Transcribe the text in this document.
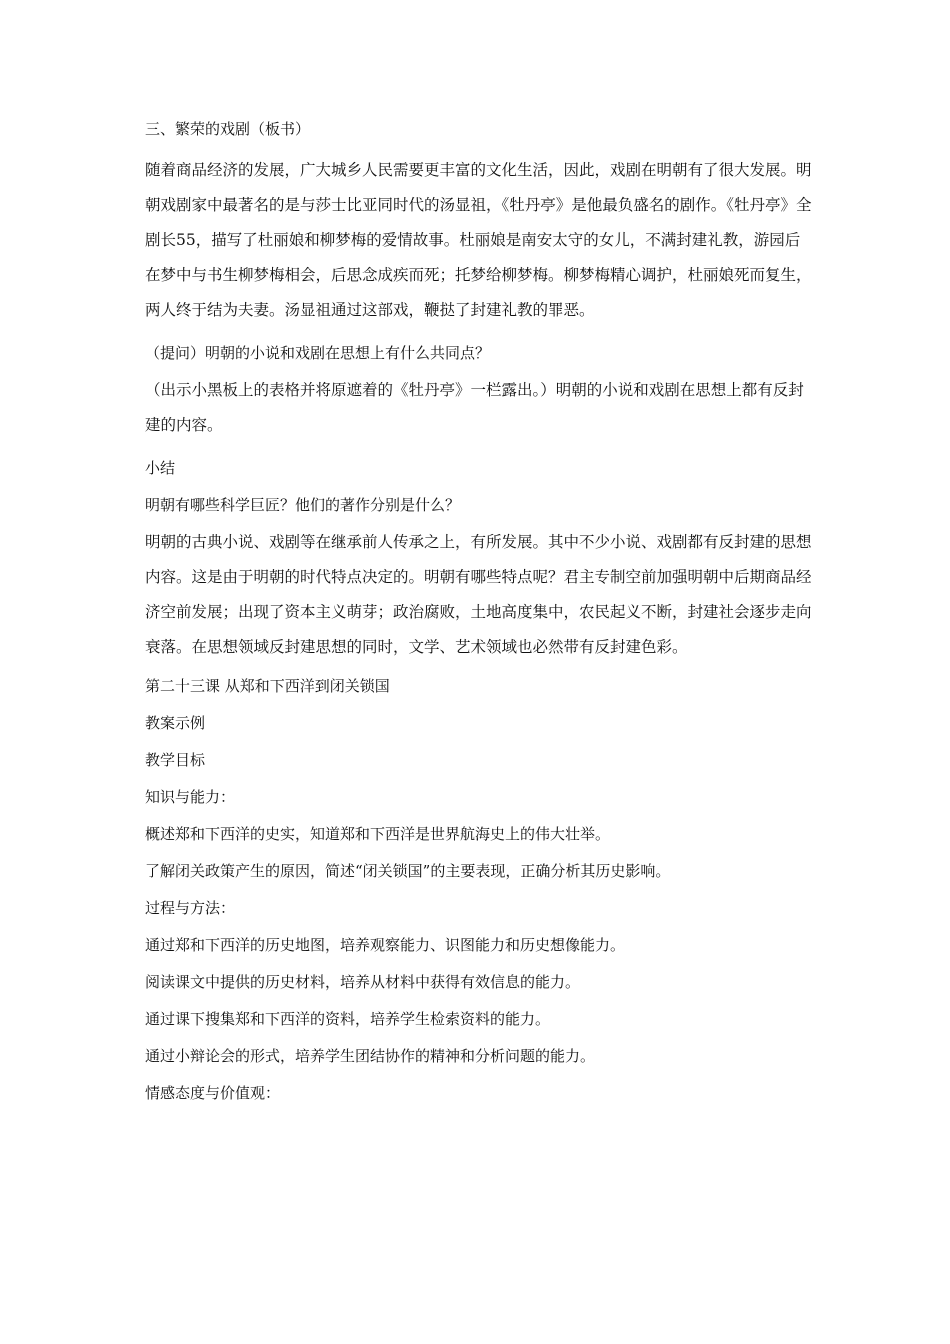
三、繁荣的戏剧（板书）

随着商品经济的发展，广大城乡人民需要更丰富的文化生活，因此，戏剧在明朝有了很大发展。明朝戏剧家中最著名的是与莎士比亚同时代的汤显祖，《牡丹亭》是他最负盛名的剧作。《牡丹亭》全剧长55，描写了杜丽娘和柳梦梅的爱情故事。杜丽娘是南安太守的女儿，不满封建礼教，游园后在梦中与书生柳梦梅相会，后思念成疾而死；托梦给柳梦梅。柳梦梅精心调护，杜丽娘死而复生，两人终于结为夫妻。汤显祖通过这部戏，鞭挞了封建礼教的罪恶。

（提问）明朝的小说和戏剧在思想上有什么共同点？

（出示小黑板上的表格并将原遮着的《牡丹亭》一栏露出。）明朝的小说和戏剧在思想上都有反封建的内容。

小结

明朝有哪些科学巨匠？他们的著作分别是什么？

明朝的古典小说、戏剧等在继承前人传承之上，有所发展。其中不少小说、戏剧都有反封建的思想内容。这是由于明朝的时代特点决定的。明朝有哪些特点呢？君主专制空前加强明朝中后期商品经济空前发展；出现了资本主义萌芽；政治腐败，土地高度集中，农民起义不断，封建社会逐步走向衰落。在思想领域反封建思想的同时，文学、艺术领域也必然带有反封建色彩。

第二十三课 从郑和下西洋到闭关锁国

教案示例

教学目标

知识与能力：

概述郑和下西洋的史实，知道郑和下西洋是世界航海史上的伟大壮举。

了解闭关政策产生的原因，简述“闭关锁国”的主要表现，正确分析其历史影响。

过程与方法：

通过郑和下西洋的历史地图，培养观察能力、识图能力和历史想像能力。

阅读课文中提供的历史材料，培养从材料中获得有效信息的能力。

通过课下搜集郑和下西洋的资料，培养学生检索资料的能力。

通过小辩论会的形式，培养学生团结协作的精神和分析问题的能力。

情感态度与价值观：
